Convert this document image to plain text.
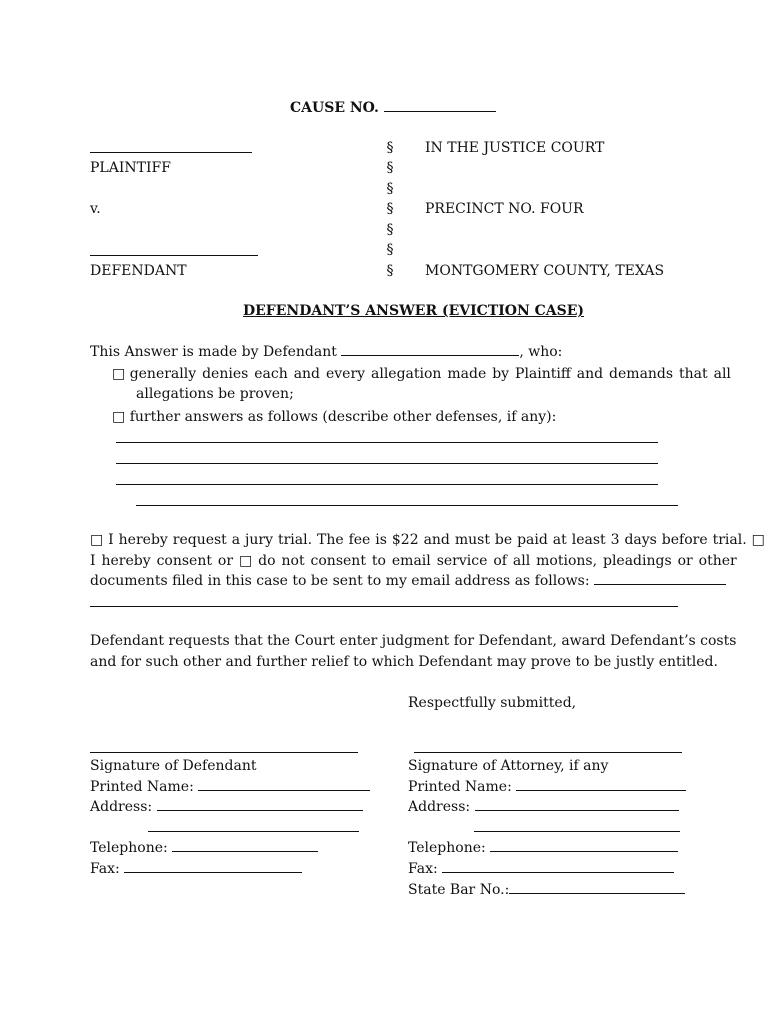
CAUSE NO.
PLAINTIFF
v.
DEFENDANT
§
§
§
§
§
§
§
IN THE JUSTICE COURT
PRECINCT NO. FOUR
MONTGOMERY COUNTY, TEXAS
DEFENDANT’S ANSWER (EVICTION CASE)
This Answer is made by Defendant	, who:
□ generally denies each and every allegation made by Plaintiff and demands that all
allegations be proven;
□ further answers as follows (describe other defenses, if any):
□ I hereby request a jury trial. The fee is $22 and must be paid at least 3 days before trial. □
I hereby consent or □ do not consent to email service of all motions, pleadings or other
documents filed in this case to be sent to my email address as follows:
Defendant requests that the Court enter judgment for Defendant, award Defendant’s costs
and for such other and further relief to which Defendant may prove to be justly entitled.
Respectfully submitted,
Signature of Defendant
Printed Name:
Address:
Telephone:
Fax:
Signature of Attorney, if any
Printed Name:
Address:
Telephone:
Fax:
State Bar No.:
